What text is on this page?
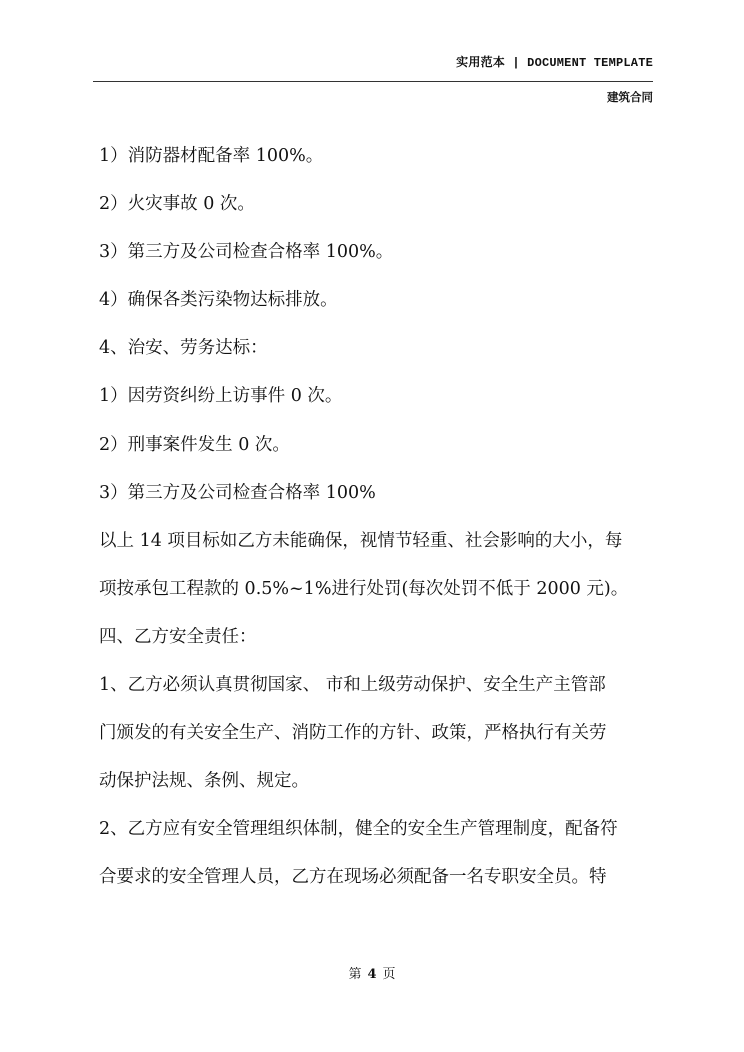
实用范本 | DOCUMENT TEMPLATE
建筑合同
1）消防器材配备率 100%。
2）火灾事故 0 次。
3）第三方及公司检查合格率 100%。
4）确保各类污染物达标排放。
4、治安、劳务达标：
1）因劳资纠纷上访事件 0 次。
2）刑事案件发生 0 次。
3）第三方及公司检查合格率 100%
以上 14 项目标如乙方未能确保，视情节轻重、社会影响的大小，每
项按承包工程款的 0.5%~1%进行处罚(每次处罚不低于 2000 元)。
四、乙方安全责任：
1、乙方必须认真贯彻国家、 市和上级劳动保护、安全生产主管部
门颁发的有关安全生产、消防工作的方针、政策，严格执行有关劳
动保护法规、条例、规定。
2、乙方应有安全管理组织体制，健全的安全生产管理制度，配备符
合要求的安全管理人员，乙方在现场必须配备一名专职安全员。特
第 4 页
